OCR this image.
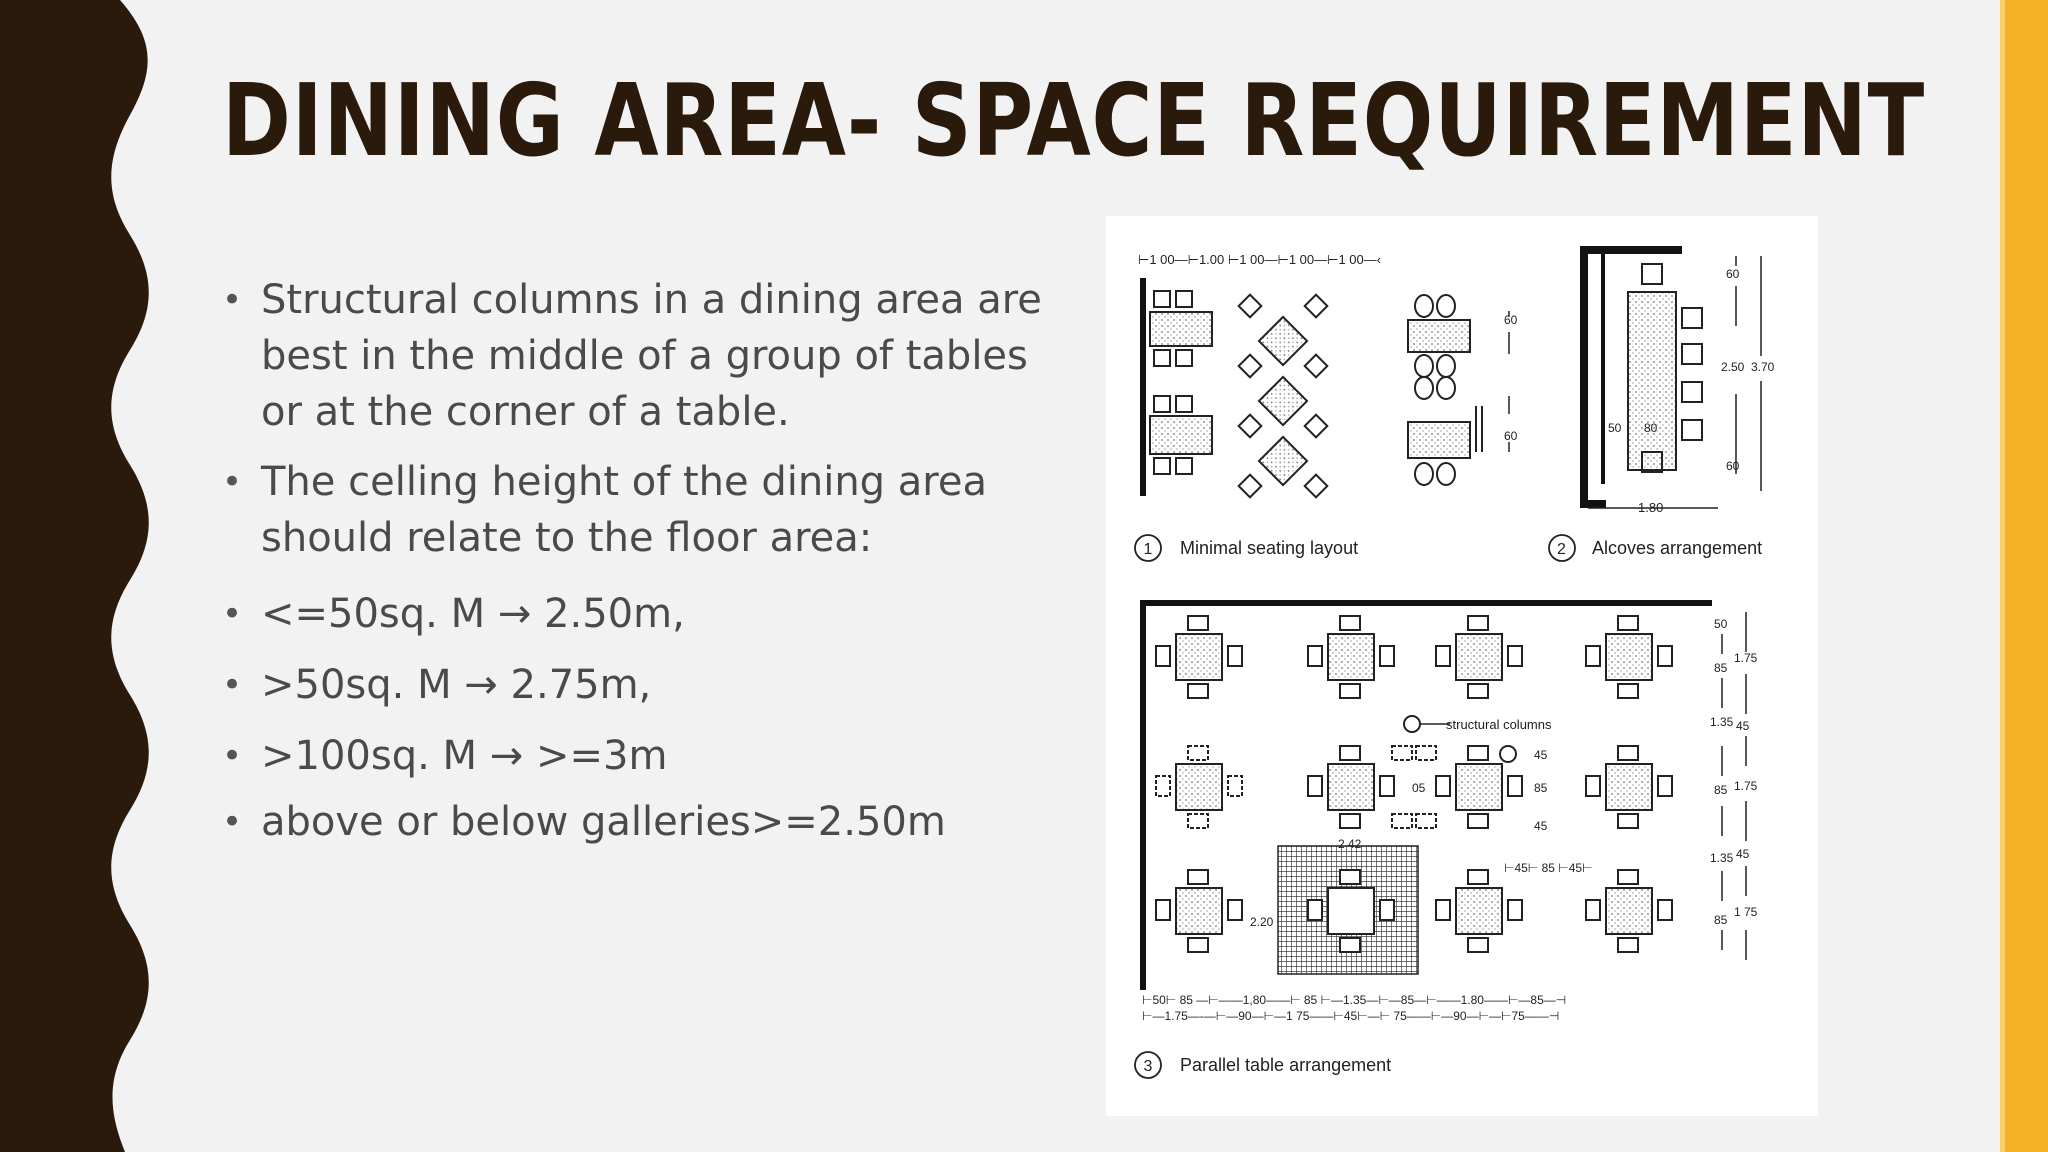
DINING AREA- SPACE REQUIREMENT
• Structural columns in a dining area are best in the middle of a group of tables or at the corner of a table.
• The celling height of the dining area should relate to the floor area:
• <=50sq. M → 2.50m,
• >50sq. M → 2.75m,
• >100sq. M → >=3m
• above or below galleries>=2.50m
⊢1 00—⊢1.00 ⊢1 00—⊢1 00—⊢1 00—‹
60
60
1 Minimal seating layout
60
2.50 3.70
60
50 80
1.80
2 Alcoves arrangement
structural columns
45
85
45
05
2 42
2.20
⊢45⊢ 85 ⊢45⊢
50
85
1.75
1.35 45
85 1.75
1.35 45
85
1 75
⊢50⊢ 85 —⊢——1,80——⊢ 85 ⊢—1.35—⊢—85—⊢——1.80——⊢—85—⊣
⊢—1.75—-—⊢—90—⊢—1 75——⊢45⊢—⊢ 75——⊢—90—⊢—⊢75——⊣
3 Parallel table arrangement
